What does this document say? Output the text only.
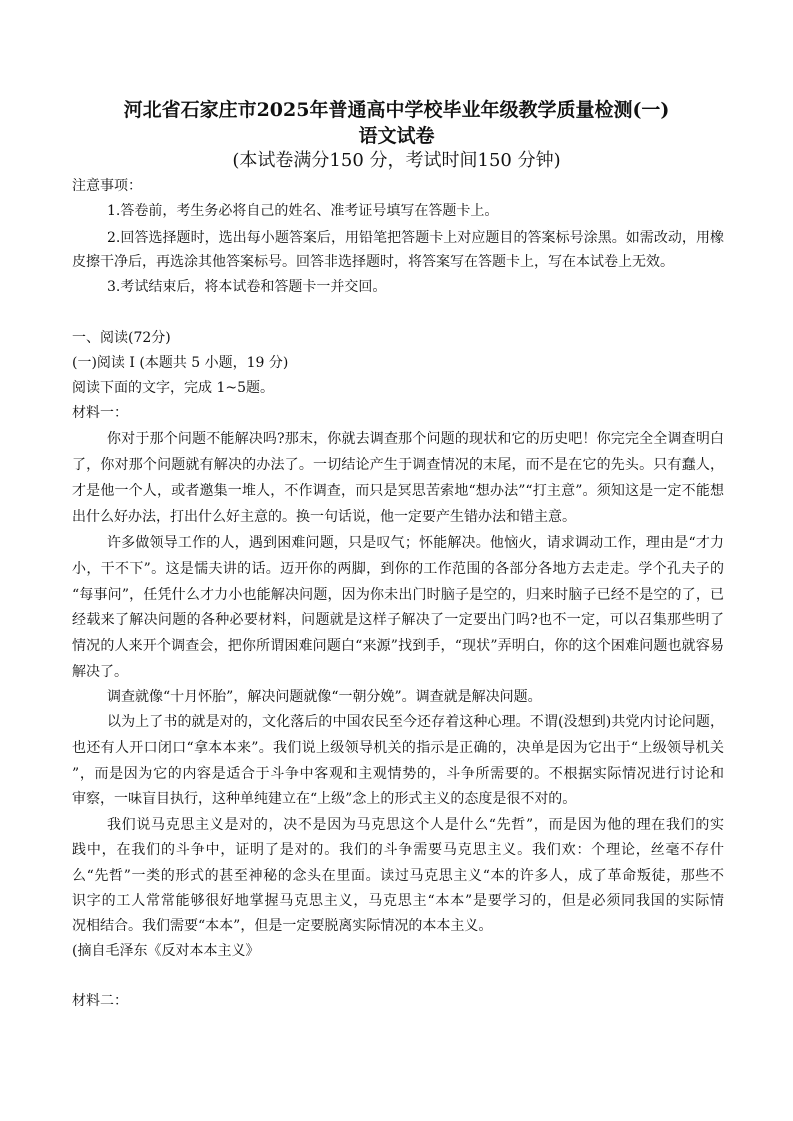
河北省石家庄市2025年普通高中学校毕业年级教学质量检测(一)
语文试卷
(本试卷满分150 分，考试时间150 分钟)
注意事项：
1.答卷前，考生务必将自己的姓名、准考证号填写在答题卡上。
2.回答选择题时，选出每小题答案后，用铅笔把答题卡上对应题目的答案标号涂黑。如需改动，用橡
皮擦干净后，再选涂其他答案标号。回答非选择题时，将答案写在答题卡上，写在本试卷上无效。
3.考试结束后，将本试卷和答题卡一并交回。
一、阅读(72分)
(一)阅读 I (本题共 5 小题，19 分)
阅读下面的文字，完成 1~5题。
材料一：
你对于那个问题不能解决吗?那末，你就去调查那个问题的现状和它的历史吧！你完完全全调查明白
了，你对那个问题就有解决的办法了。一切结论产生于调查情况的末尾，而不是在它的先头。只有蠢人，
才是他一个人，或者邀集一堆人，不作调查，而只是冥思苦索地“想办法”“打主意”。须知这是一定不能想
出什么好办法，打出什么好主意的。换一句话说，他一定要产生错办法和错主意。
许多做领导工作的人，遇到困难问题，只是叹气；怀能解决。他恼火，请求调动工作，理由是“才力
小，干不下”。这是懦夫讲的话。迈开你的两脚，到你的工作范围的各部分各地方去走走。学个孔夫子的
“每事问”，任凭什么才力小也能解决问题，因为你未出门时脑子是空的，归来时脑子已经不是空的了，已
经载来了解决问题的各种必要材料，问题就是这样子解决了一定要出门吗?也不一定，可以召集那些明了
情况的人来开个调查会，把你所谓困难问题白“来源”找到手，“现状”弄明白，你的这个困难问题也就容易
解决了。
调查就像“十月怀胎”，解决问题就像“一朝分娩”。调查就是解决问题。
以为上了书的就是对的，文化落后的中国农民至今还存着这种心理。不谓(没想到)共党内讨论问题，
也还有人开口闭口“拿本本来”。我们说上级领导机关的指示是正确的，决单是因为它出于“上级领导机关
”，而是因为它的内容是适合于斗争中客观和主观情势的，斗争所需要的。不根据实际情况进行讨论和
审察，一味盲目执行，这种单纯建立在“上级”念上的形式主义的态度是很不对的。
我们说马克思主义是对的，决不是因为马克思这个人是什么“先哲”，而是因为他的理在我们的实
践中，在我们的斗争中，证明了是对的。我们的斗争需要马克思主义。我们欢：个理论，丝毫不存什
么“先哲”一类的形式的甚至神秘的念头在里面。读过马克思主义“本的许多人，成了革命叛徒，那些不
识字的工人常常能够很好地掌握马克思主义，马克思主“本本”是要学习的，但是必须同我国的实际情
况相结合。我们需要“本本”，但是一定要脱离实际情况的本本主义。
(摘自毛泽东《反对本本主义》
材料二：
